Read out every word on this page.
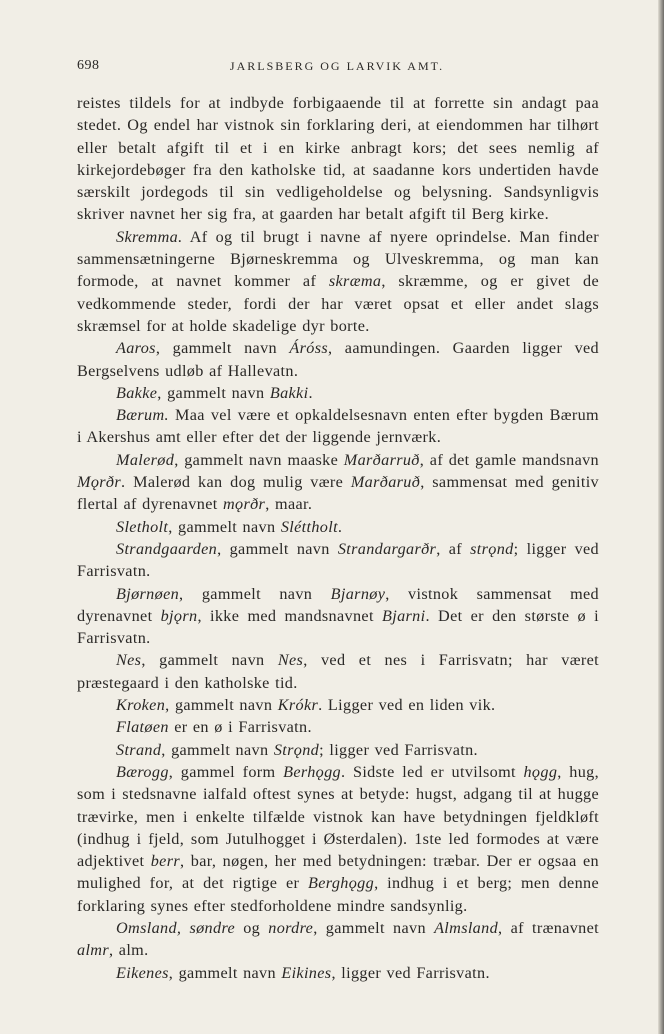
698	JARLSBERG OG LARVIK AMT.

reistes tildels for at indbyde forbigaaende til at forrette sin andagt paa stedet. Og endel har vistnok sin forklaring deri, at eiendommen har tilhørt eller betalt afgift til et i en kirke anbragt kors; det sees nemlig af kirkejordebøger fra den katholske tid, at saadanne kors undertiden havde særskilt jordegods til sin vedligeholdelse og belysning. Sandsynligvis skriver navnet her sig fra, at gaarden har betalt afgift til Berg kirke.

Skremma. Af og til brugt i navne af nyere oprindelse. Man finder sammensætningerne Bjørneskremma og Ulveskremma, og man kan formode, at navnet kommer af skræma, skræmme, og er givet de vedkommende steder, fordi der har været opsat et eller andet slags skræmsel for at holde skadelige dyr borte.

Aaros, gammelt navn Áróss, aamundingen. Gaarden ligger ved Bergselvens udløb af Hallevatn.

Bakke, gammelt navn Bakki.

Bærum. Maa vel være et opkaldelsesnavn enten efter bygden Bærum i Akershus amt eller efter det der liggende jernværk.

Malerød, gammelt navn maaske Marðarruð, af det gamle mandsnavn Mǫrðr. Malerød kan dog mulig være Marðaruð, sammensat med genitiv flertal af dyrenavnet mǫrðr, maar.

Sletholt, gammelt navn Sléttholt.

Strandgaarden, gammelt navn Strandargarðr, af strǫnd; ligger ved Farrisvatn.

Bjørnøen, gammelt navn Bjarnøy, vistnok sammensat med dyrenavnet bjǫrn, ikke med mandsnavnet Bjarni. Det er den største ø i Farrisvatn.

Nes, gammelt navn Nes, ved et nes i Farrisvatn; har været præstegaard i den katholske tid.

Kroken, gammelt navn Krókr. Ligger ved en liden vik.

Flatøen er en ø i Farrisvatn.

Strand, gammelt navn Strǫnd; ligger ved Farrisvatn.

Bærogg, gammel form Berhǫgg. Sidste led er utvilsomt hǫgg, hug, som i stedsnavne ialfald oftest synes at betyde: hugst, adgang til at hugge trævirke, men i enkelte tilfælde vistnok kan have betydningen fjeldkløft (indhug i fjeld, som Jutulhogget i Østerdalen). 1ste led formodes at være adjektivet berr, bar, nøgen, her med betydningen: træbar. Der er ogsaa en mulighed for, at det rigtige er Berghǫgg, indhug i et berg; men denne forklaring synes efter stedforholdene mindre sandsynlig.

Omsland, søndre og nordre, gammelt navn Almsland, af trænavnet almr, alm.

Eikenes, gammelt navn Eikines, ligger ved Farrisvatn.
